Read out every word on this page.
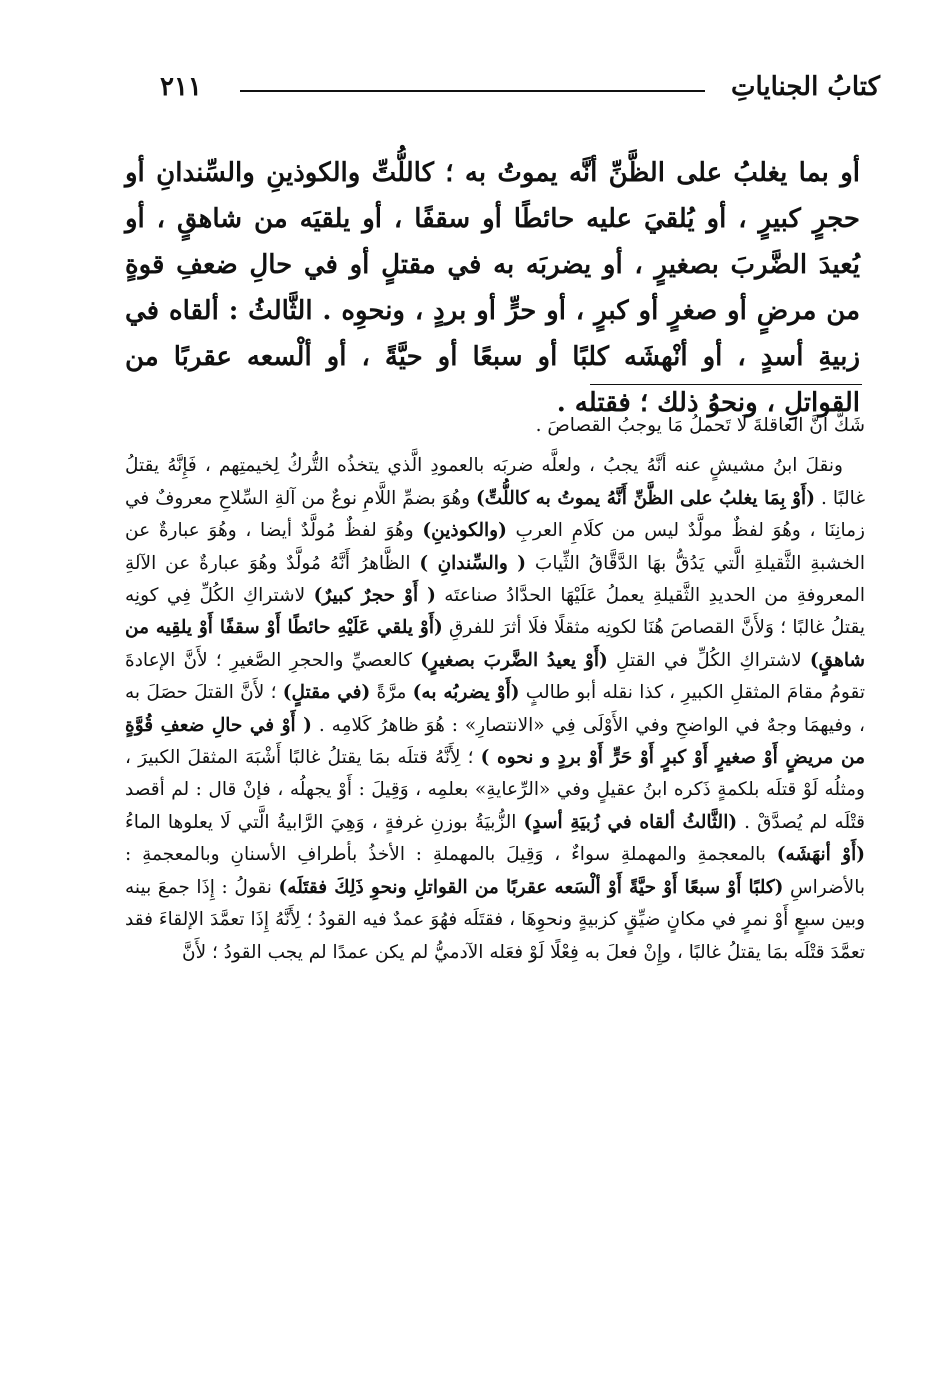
كتابُ الجناياتِ
٢١١

أو بما يغلبُ على الظَّنِّ أنَّه يموتُ به ؛ كاللُّتِّ والكوذينِ والسِّندانِ أو حجرٍ كبيرٍ ، أو يُلقيَ عليه حائطًا أو سقفًا ، أو يلقيَه من شاهقٍ ، أو يُعيدَ الضَّربَ بصغيرٍ ، أو يضربَه به في مقتلٍ أو في حالِ ضعفِ قوةٍ من مرضٍ أو صغرٍ أو كبرٍ ، أو حرٍّ أو بردٍ ، ونحوِه . الثَّالثُ : ألقاه في زبيةِ أسدٍ ، أو أنْهشَه كلبًا أو سبعًا أو حيَّةً ، أو ألْسعه عقربًا من القواتلِ ، ونحوُ ذلك ؛ فقتله .

شَكَّ أنَّ العاقلةَ لَا تَحملُ مَا يوجبُ القصاصَ .

ونقلَ ابنُ مشيشٍ عنه أنَّهُ يجبُ ، ولعلَّه ضربَه بالعمودِ الَّذي يتخذُه التُّركُ لِخيمتِهم ، فَإِنَّهُ يقتلُ غالبًا . (أَوْ بِمَا يغلبُ على الظَّنِّ أَنَّهُ يموتُ به كاللُّتِّ) وهُوَ بضمِّ اللَّامِ نوعٌ من آلةِ السِّلاحِ معروفٌ في زمانِنَا ، وهُوَ لفظٌ مولَّدٌ ليس من كلَامِ العربِ (والكوذينِ) وهُوَ لفظٌ مُولَّدٌ أيضا ، وهُوَ عبارةٌ عن الخشبةِ الثَّقيلةِ الَّتي يَدُقُّ بهَا الدَّقَّاقُ الثِّيابَ ( والسِّندانِ ) الظَّاهرُ أَنَّهُ مُولَّدٌ وهُوَ عبارةٌ عن الآلةِ المعروفةِ من الحديدِ الثَّقيلةِ يعملُ عَلَيْهَا الحدَّادُ صناعتَه ( أَوْ حجرٌ كبيرٌ) لاشتراكِ الكُلِّ فِي كونِه يقتلُ غالبًا ؛ وَلأَنَّ القصاصَ هُنَا لكونِه مثقلًا فلَا أثرَ للفرقِ (أَوْ يلقي عَلَيْهِ حائطًا أَوْ سقفًا أَوْ يلقِيه من شاهقٍ) لاشتراكِ الكُلِّ في القتلِ (أَوْ يعيدُ الضَّربَ بصغيرٍ) كالعصيِّ والحجرِ الصَّغيرِ ؛ لأَنَّ الإعادةَ تقومُ مقامَ المثقلِ الكبيرِ ، كذا نقله أبو طالبٍ (أَوْ يضربُه به) مرَّةً (في مقتلٍ) ؛ لأَنَّ القتلَ حصَلَ به ، وفيهمَا وجهٌ في الواضحِ وفي الأَوْلَى فِي «الانتصارِ» : هُوَ ظاهرُ كَلامِه . ( أَوْ في حالِ ضعفِ قُوَّةٍ من مريضٍ أَوْ صغيرٍ أَوْ كبرٍ أَوْ حَرٍّ أَوْ بردٍ و نحوه ) ؛ لِأَنَّهُ قتلَه بمَا يقتلُ غالبًا أَشْبَهَ المثقلَ الكبيرَ ، ومثلُه لَوْ قتلَه بلكمةٍ ذَكره ابنُ عقيلٍ وفي «الرِّعايةِ» بعلمِه ، وَقِيلَ : أَوْ يجهلُه ، فإنْ قال : لم أقصد قتْلَه لم يُصدَّقْ . (الثَّالثُ ألقاه في زُبيَةِ أسدٍ) الزُّبيَةُ بوزنِ غرفةٍ ، وَهِيَ الرَّابيةُ الَّتي لَا يعلوها الماءُ (أَوْ أنهَشَه) بالمعجمةِ والمهملةِ سواءٌ ، وَقِيلَ بالمهملةِ : الأخذُ بأطرافِ الأسنانِ وبالمعجمةِ : بالأضراسِ (كلبًا أَوْ سبعًا أَوْ حيَّةً أَوْ ألْسَعه عقربًا من القواتلِ ونحوِ ذَلِكَ فقتَلَه) نقولُ : إِذَا جمعَ بينه وبين سبعٍ أَوْ نمرٍ في مكانٍ ضيِّقٍ كزبيةٍ ونحوِهَا ، فقتَلَه فهُوَ عمدٌ فيه القودُ ؛ لِأَنَّهُ إِذَا تعمَّدَ الإلقاءَ فقد تعمَّدَ قتْلَه بمَا يقتلُ غالبًا ، وإِنْ فعلَ به فِعْلًا لَوْ فعَله الآدميُّ لم يكن عمدًا لم يجب القودُ ؛ لأَنَّ
